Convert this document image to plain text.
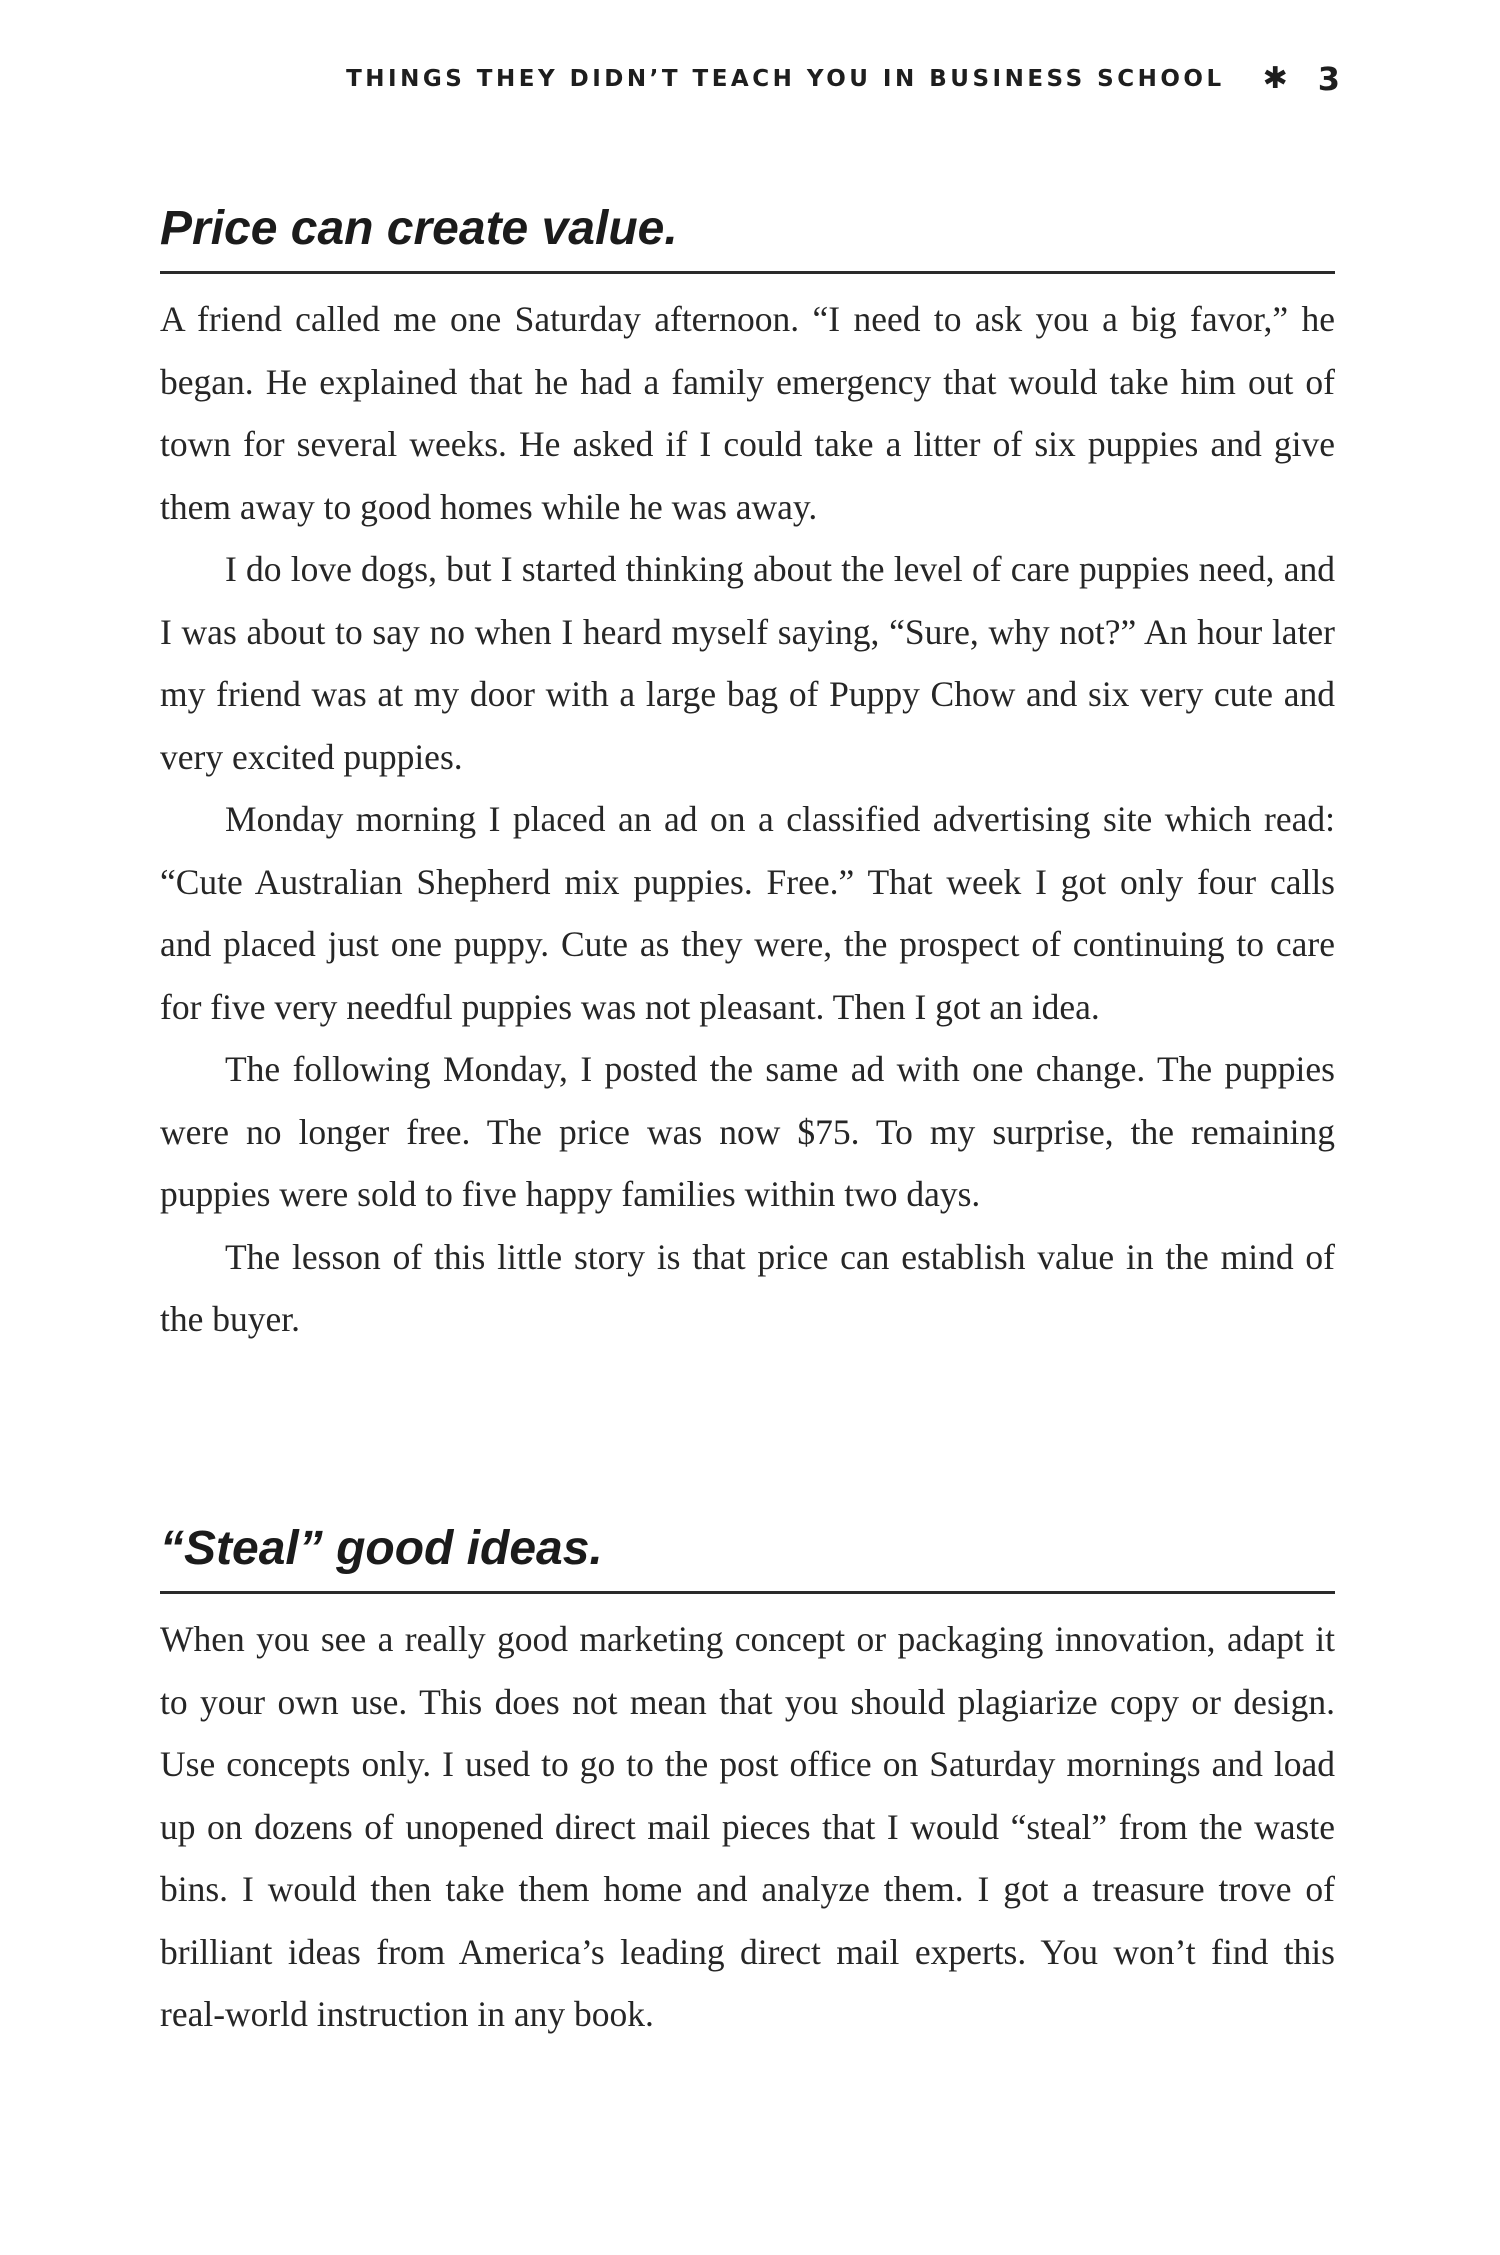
THINGS THEY DIDN’T TEACH YOU IN BUSINESS SCHOOL ✱ 3
Price can create value.

A friend called me one Saturday afternoon. “I need to ask you a big favor,” he began. He explained that he had a family emergency that would take him out of town for several weeks. He asked if I could take a litter of six puppies and give them away to good homes while he was away.

I do love dogs, but I started thinking about the level of care puppies need, and I was about to say no when I heard myself saying, “Sure, why not?” An hour later my friend was at my door with a large bag of Puppy Chow and six very cute and very excited puppies.

Monday morning I placed an ad on a classified advertising site which read: “Cute Australian Shepherd mix puppies. Free.” That week I got only four calls and placed just one puppy. Cute as they were, the prospect of continuing to care for five very needful puppies was not pleasant. Then I got an idea.

The following Monday, I posted the same ad with one change. The puppies were no longer free. The price was now $75. To my surprise, the remaining puppies were sold to five happy families within two days.

The lesson of this little story is that price can establish value in the mind of the buyer.

“Steal” good ideas.

When you see a really good marketing concept or packaging innovation, adapt it to your own use. This does not mean that you should plagiarize copy or design. Use concepts only. I used to go to the post office on Saturday mornings and load up on dozens of unopened direct mail pieces that I would “steal” from the waste bins. I would then take them home and analyze them. I got a treasure trove of brilliant ideas from America’s leading direct mail experts. You won’t find this real-world instruction in any book.
